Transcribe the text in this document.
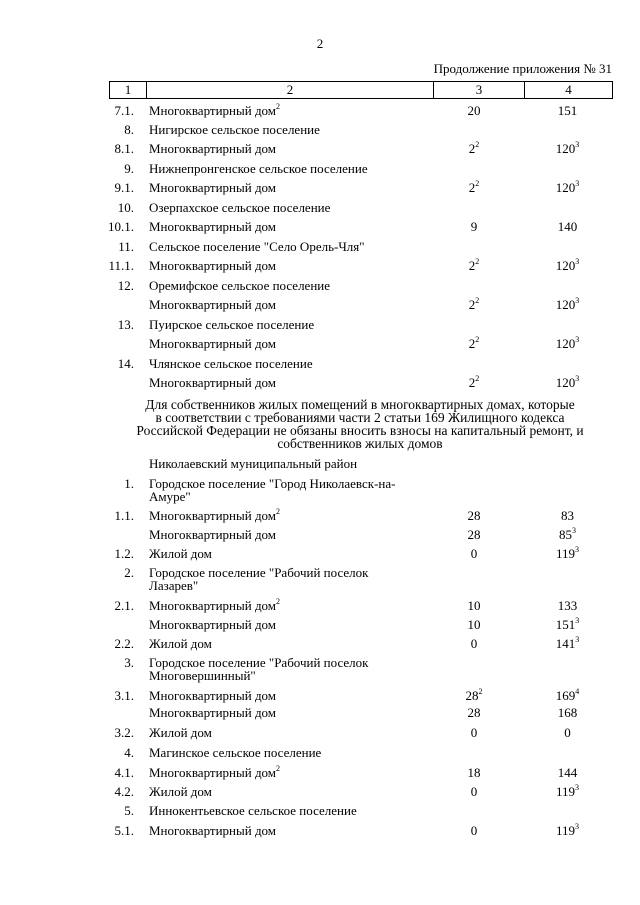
2
Продолжение приложения № 31
1	2	3	4
7.1. Многоквартирный дом$^2$	20	151
8. Нигирское сельское поселение
8.1. Многоквартирный дом	$2^2$	$120^3$
9. Нижнепронгенское сельское поселение
9.1. Многоквартирный дом	$2^2$	$120^3$
10. Озерпахское сельское поселение
10.1. Многоквартирный дом	9	140
11. Сельское поселение "Село Орель-Чля"
11.1. Многоквартирный дом	$2^2$	$120^3$
12. Оремифское сельское поселение
Многоквартирный дом	$2^2$	$120^3$
13. Пуирское сельское поселение
Многоквартирный дом	$2^2$	$120^3$
14. Члянское сельское поселение
Многоквартирный дом	$2^2$	$120^3$
Николаевский муниципальный район
1. Городское поселение "Город Николаевск-на-
Амуре"
1.1. Многоквартирный дом$^2$	28	83
Многоквартирный дом	28	$85^3$
1.2. Жилой дом	0	$119^3$
2. Городское поселение "Рабочий поселок
Лазарев"
2.1. Многоквартирный дом$^2$	10	133
Многоквартирный дом	10	$151^3$
2.2. Жилой дом	0	$141^3$
3. Городское поселение "Рабочий поселок
Многовершинный"
3.1. Многоквартирный дом	$28^2$	$169^4$
Многоквартирный дом	28	168
3.2. Жилой дом	0	0
4. Магинское сельское поселение
4.1. Многоквартирный дом$^2$	18	144
4.2. Жилой дом	0	$119^3$
5. Иннокентьевское сельское поселение
5.1. Многоквартирный дом	0	$119^3$
Для собственников жилых помещений в многоквартирных домах, которые
в соответствии с требованиями части 2 статьи 169 Жилищного кодекса
Российской Федерации не обязаны вносить взносы на капитальный ремонт, и
собственников жилых домов
